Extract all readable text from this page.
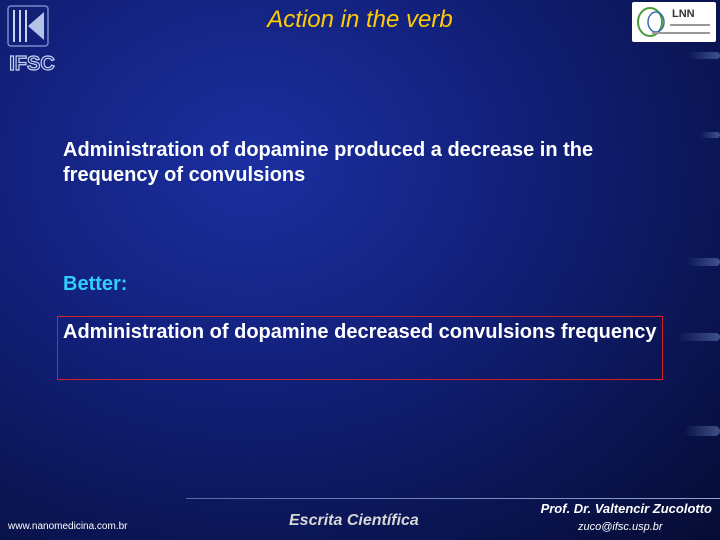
IFSC
Action in the verb	LNN
Administration of dopamine produced a decrease in the frequency of convulsions
Better:
Administration of dopamine decreased convulsions frequency
www.nanomedicina.com.br	Escrita Científica
Prof. Dr. Valtencir Zucolotto
zuco@ifsc.usp.br
